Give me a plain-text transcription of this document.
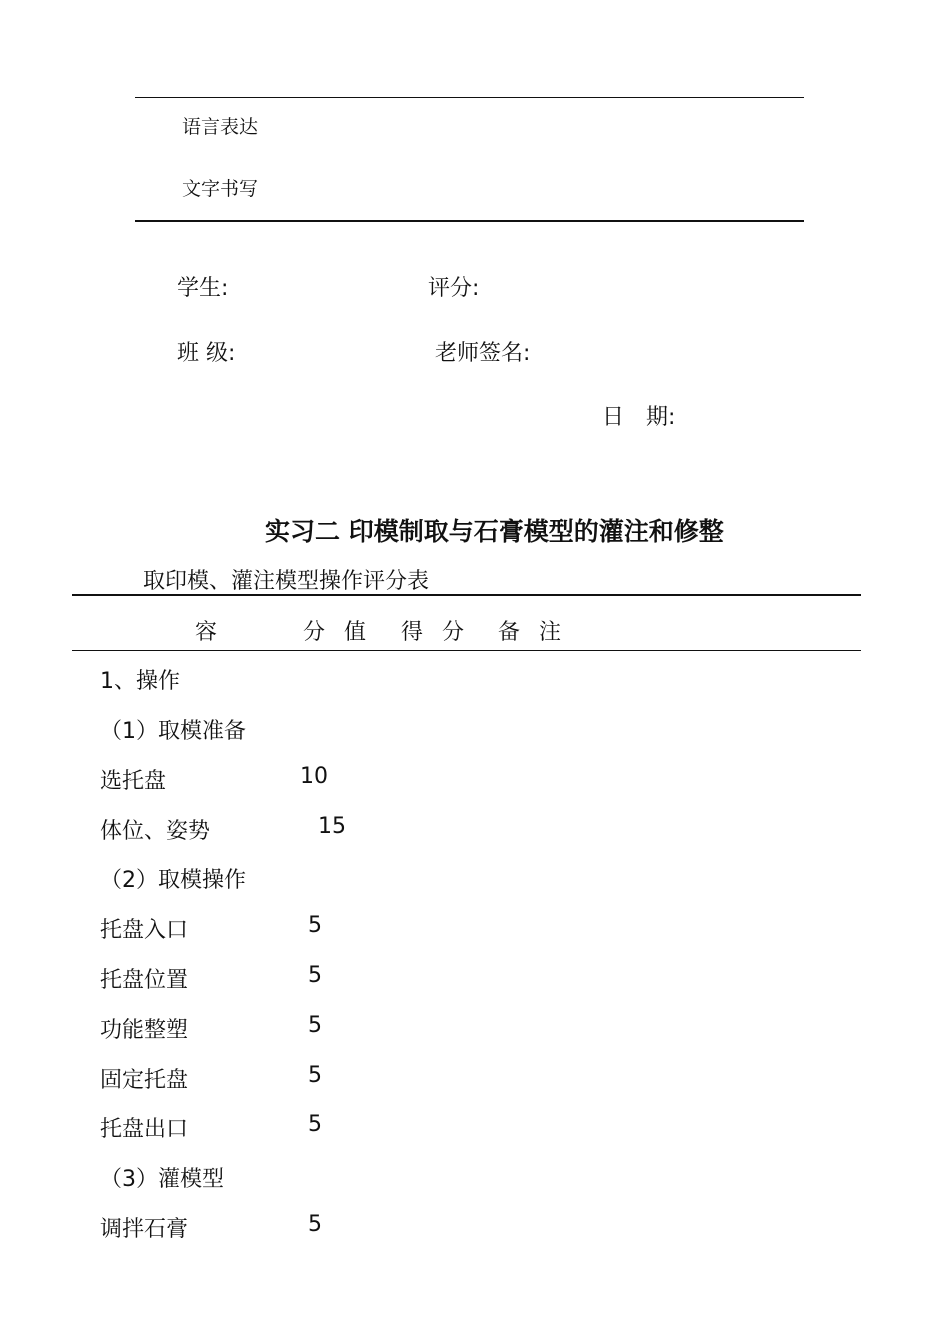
语言表达
文字书写
学生:	评分:
班 级:	老师签名:
日　期:
实习二 印模制取与石膏模型的灌注和修整
取印模、灌注模型操作评分表
容	分 值 得 分 备 注
1、操作
（1）取模准备
选托盘	10
体位、姿势	15
（2）取模操作
托盘入口	5
托盘位置	5
功能整塑	5
固定托盘	5
托盘出口	5
（3）灌模型
调拌石膏	5
